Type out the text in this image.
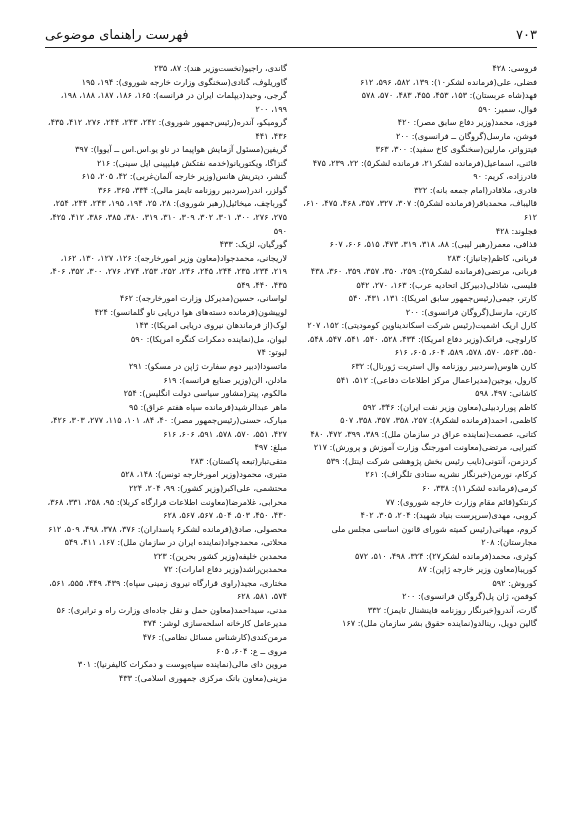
فهرست راهنمای موضوعی	۷۰۳

فروسی: ۴۲۸

فضلی، علی(فرمانده لشکر۱۰): ۱۳۹، ۵۸۲، ۵۹۶، ۶۱۲

فهد(شاه عربستان): ۱۵۳، ۴۵۳، ۴۵۵، ۴۸۳، ۵۷۰، ۵۷۸

فوال، سمیر: ۵۹۰

فوزی، محمد(وزیر دفاع سابق مصر): ۴۲۰

فوشن، مارسل(گروگان ــ فرانسوی): ۲۰۰

فیتزواتر، مارلین(سخنگوی کاخ سفید): ۳۰۰، ۳۶۳

قائنی، اسماعیل(فرمانده لشکر۲۱، فرمانده لشکر۵): ۲۲، ۲۳۹، ۴۷۵

قادرزاده، کریم: ۹۰

قادری، ملاقادر(امام جمعه بانه): ۳۲۲

قالیباف، محمدباقر(فرمانده لشکر۵): ۳۰۷، ۳۲۷، ۳۵۷، ۴۶۸، ۴۷۵، ۶۱۰، ۶۱۲

قجلوند: ۴۲۸

قذافی، معمر(رهبر لیبی): ۸۸، ۳۱۸، ۳۱۹، ۴۷۳، ۵۱۵، ۶۰۶، ۶۰۷

قربانی، کاظم(جانباز): ۲۸۳

قربانی، مرتضی(فرمانده لشکر۲۵): ۲۵۹، ۳۵۰، ۳۵۷، ۳۵۹، ۳۶۰، ۴۳۸

قلیسی، شاذلی(دبیرکل اتحادیه عرب): ۱۶۳، ۲۷۰، ۵۴۲

کارتر، جیمی(رئیس‌جمهور سابق امریکا): ۱۳۱، ۴۳۱، ۵۴۰

کارتن، مارسل(گروگان فرانسوی): ۲۰۰

کارل اریک اشمیت(رئیس شرکت اسکاندیناوین کومودیتی): ۱۵۲، ۲۰۷

کارلوچی، فرانک(وزیر دفاع امریکا): ۴۳۴، ۵۲۸، ۵۴۰، ۵۴۱، ۵۴۷، ۵۴۸، ۵۵۰، ۵۶۳، ۵۷۰، ۵۷۸، ۵۸۹، ۶۰۴، ۶۰۵، ۶۱۶

کارن هاوس(سردبیر روزنامه وال استریت ژورنال): ۶۳۲

کارول، یوجین(مدیراعمال مرکز اطلاعات دفاعی): ۵۱۲، ۵۴۱

کاشانی: ۴۹۷، ۵۹۸

کاظم پوراردبیلی(معاون وزیر نفت ایران): ۳۴۶، ۵۹۲

کاظمی، احمد(فرمانده لشکر۸): ۲۵۷، ۳۵۸، ۳۵۷، ۳۵۸، ۵۰۷

کتانی، عصمت(نماینده عراق در سازمان ملل): ۳۸۹، ۳۹۹، ۴۷۲، ۴۸۰

کتیرایی، مرتضی(معاونت امورجنگ وزارت آموزش و پرورش): ۲۱۷

کردزمن، آنتونی(نایب رئیس بخش پژوهشی شرکت اینتل): ۵۳۹

کرکام، نورمن(خبرنگار نشریه ستادی تلگراف): ۲۶۱

کرمی(فرمانده لشکر۱۱): ۳۳۸، ۶۰

کرنتکو(قائم مقام وزارت خارجه شوروی): ۷۷

کروبی، مهدی(سرپرست بنیاد شهید): ۲۰۴، ۳۰۵، ۴۰۲

کروم، مهیانی(رئیس کمیته شورای قانون اساسی مجلس ملی مجارستان): ۲۰۸

کوثری، محمد(فرمانده لشکر۲۷): ۳۲۴، ۴۹۸، ۵۱۰، ۵۷۲

کوریبا(معاون وزیر خارجه ژاپن): ۸۷

کوروش: ۵۹۲

کوفمن، ژان پل(گروگان فرانسوی): ۲۰۰

گارت، آندرو(خبرنگار روزنامه فاینشنال تایمز): ۳۳۲

گالین دویل، رینالدو(نماینده حقوق بشر سازمان ملل): ۱۶۷

گاندی، راجیو(نخست‌وزیر هند): ۸۷، ۲۳۵

گاوریلوف، گنادی(سخنگوی وزارت خارجه شوروی): ۱۹۴، ۱۹۵

گرجی، وحید(دیپلمات ایران در فرانسه): ۱۶۵، ۱۸۶، ۱۸۷، ۱۸۸، ۱۹۸، ۱۹۹، ۲۰۰

گرومیکو، آندره(رئیس‌جمهور شوروی): ۲۴۲، ۲۴۳، ۲۴۴، ۲۷۶، ۴۱۲، ۴۳۵، ۴۳۶، ۴۴۱

گریفین(مسئول آزمایش هواپیما در ناو یو.اس.اس ــ آیووا): ۳۹۷

گنزاگا، ویکتوریانو(خدمه نفتکش فیلیپینی ایل سینی): ۲۱۶

گنشر، دیتریش هانس(وزیر خارجه آلمان‌غربی): ۴۲، ۲۰۵، ۶۱۵

گولزر، اندر(سردبیر روزنامه تایمز مالی): ۳۳۴، ۳۶۵، ۳۶۶

گورباچف، میخائیل(رهبر شوروی): ۲۸، ۲۵، ۱۹۴، ۱۹۵، ۲۴۳، ۲۴۴، ۲۵۴، ۲۷۵، ۲۷۶، ۳۰۰، ۳۰۱، ۳۰۲، ۳۰۹، ۳۱۰، ۳۱۹، ۳۸۰، ۳۸۵، ۳۸۶، ۴۱۲، ۴۲۵، ۵۹۰

گورگیان، لژیک: ۴۳۳

لاریجانی، محمدجواد(معاون وزیر امورخارجه): ۱۲۶، ۱۲۷، ۱۳۰، ۱۶۲، ۲۱۹، ۲۳۴، ۲۳۵، ۲۴۴، ۲۴۵، ۲۴۶، ۲۵۲، ۲۵۳، ۲۷۴، ۲۷۶، ۳۰۰، ۳۵۲، ۴۰۶، ۴۳۵، ۴۴۰، ۵۴۹

لواسانی، حسین(مدیرکل وزارت امورخارجه): ۴۶۲

لوییشون(فرمانده دسته‌های هوا دریایی ناو گلمانسو): ۴۲۴

لوک(از فرماندهان نیروی دریایی امریکا): ۱۴۳

لیوان، مل(نماینده دمکرات کنگره امریکا): ۵۹۰

لیوتو: ۷۴

ماتسودا(دبیر دوم سفارت ژاپن در مسکو): ۲۹۱

مادلن، الن(وزیر صنایع فرانسه): ۶۱۹

مالکوم، پیتر(مشاور سیاسی دولت انگلیس): ۲۵۴

ماهر عبدالرشید(فرمانده سپاه هفتم عراق): ۹۵

مبارک، حسنی(رئیس‌جمهور مصر): ۴۰، ۸۴، ۱۰۱، ۱۱۵، ۲۷۷، ۳۰۳، ۴۲۶، ۴۲۷، ۵۵۱، ۵۷۰، ۵۷۸، ۵۹۱، ۶۰۶، ۶۱۶

مبلغ: ۴۹۷

متقی‌تبار(تبعه پاکستان): ۲۸۳

متیری، محمود(وزیر امورخارجه تونس): ۱۴۸، ۵۲۸

محتشمی، علی‌اکبر(وزیر کشور): ۹۹، ۲۰۴، ۲۲۴

محرابی، غلامرضا(معاونت اطلاعات قرارگاه کربلا): ۹۵، ۲۵۸، ۳۳۱، ۳۶۸، ۴۳۰، ۴۵۰، ۵۰۳، ۵۰۴، ۵۶۷، ۵۶۷، ۶۲۸

محصولی، صادق(فرمانده لشکر۶ پاسداران): ۳۷۶، ۳۷۸، ۴۹۸، ۵۰۹، ۶۱۲

محلاتی، محمدجواد(نماینده ایران در سازمان ملل): ۱۶۷، ۴۱۱، ۵۴۹

محمدبن خلیفه(وزیر کشور بحرین): ۲۲۳

محمدبن‌راشد(وزیر دفاع امارات): ۷۲

مختاری، مجید(راوی قرارگاه نیروی زمینی سپاه): ۴۳۹، ۴۴۹، ۵۵۵، ۵۶۱، ۵۷۴، ۵۸۱، ۶۲۸

مدنی، سیداحمد(معاون حمل و نقل جاده‌ای وزارت راه و ترابری): ۵۶

مدیرعامل کارخانه اسلحه‌سازی لوشر: ۳۷۴

مرمن‌کندی(کارشناس مسائل نظامی): ۴۷۶

مروی ــ ع: ۶۰۴، ۶۰۵

مروین دای مالی(نماینده سپاه‌پوست و دمکرات کالیفرنیا): ۳۰۱

مزینی(معاون بانک مرکزی جمهوری اسلامی): ۴۳۳
